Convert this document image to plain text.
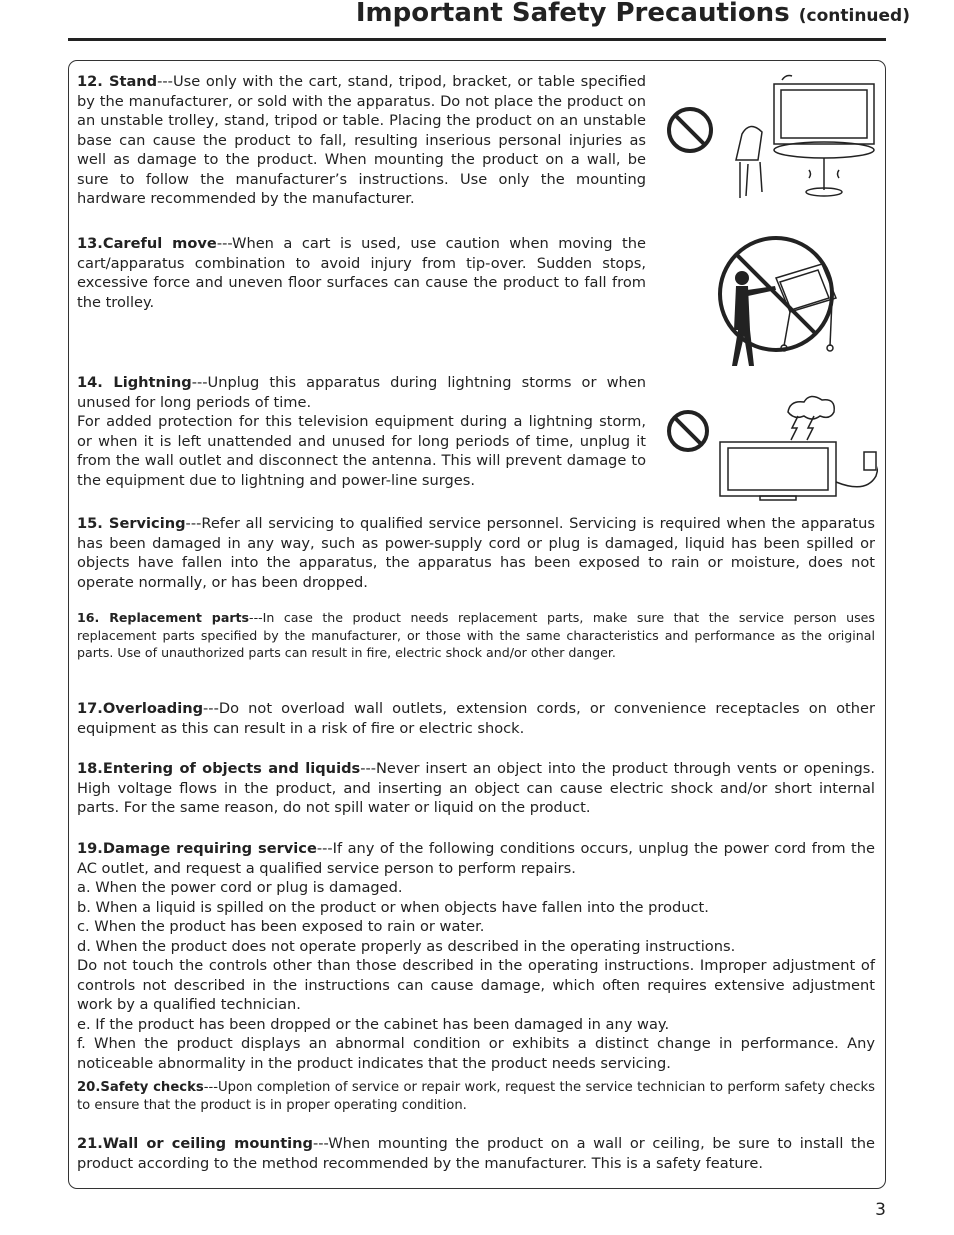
Important Safety Precautions (continued)

12. Stand---Use only with the cart, stand, tripod, bracket, or table specified by the manufacturer, or sold with the apparatus. Do not place the product on an unstable trolley, stand, tripod or table. Placing the product on an unstable base can cause the product to fall, resulting inserious personal injuries as well as damage to the product. When mounting the product on a wall, be sure to follow the manufacturer’s instructions. Use only the mounting hardware recommended by the manufacturer.

13.Careful move---When a cart is used, use caution when moving the cart/apparatus combination to avoid injury from tip-over. Sudden stops, excessive force and uneven floor surfaces can cause the product to fall from the trolley.

14. Lightning---Unplug this apparatus during lightning storms or when unused for long periods of time.
For added protection for this television equipment during a lightning storm, or when it is left unattended and unused for long periods of time, unplug it from the wall outlet and disconnect the antenna. This will prevent damage to the equipment due to lightning and power-line surges.

15. Servicing---Refer all servicing to qualified service personnel. Servicing is required when the apparatus has been damaged in any way, such as power-supply cord or plug is damaged, liquid has been spilled or objects have fallen into the apparatus, the apparatus has been exposed to rain or moisture, does not operate normally, or has been dropped.

16. Replacement parts---In case the product needs replacement parts, make sure that the service person uses replacement parts specified by the manufacturer, or those with the same characteristics and performance as the original parts. Use of unauthorized parts can result in fire, electric shock and/or other danger.

17.Overloading---Do not overload wall outlets, extension cords, or convenience receptacles on other equipment as this can result in a risk of fire or electric shock.

18.Entering of objects and liquids---Never insert an object into the product through vents or openings. High voltage flows in the product, and inserting an object can cause electric shock and/or short internal parts. For the same reason, do not spill water or liquid on the product.

19.Damage requiring service---If any of the following conditions occurs, unplug the power cord from the AC outlet, and request a qualified service person to perform repairs.
a. When the power cord or plug is damaged.
b. When a liquid is spilled on the product or when objects have fallen into the product.
c. When the product has been exposed to rain or water.
d. When the product does not operate properly as described in the operating instructions.
Do not touch the controls other than those described in the operating instructions. Improper adjustment of controls not described in the instructions can cause damage, which often requires extensive adjustment work by a qualified technician.
e. If the product has been dropped or the cabinet has been damaged in any way.
f. When the product displays an abnormal condition or exhibits a distinct change in performance. Any noticeable abnormality in the product indicates that the product needs servicing.

20.Safety checks---Upon completion of service or repair work, request the service technician to perform safety checks to ensure that the product is in proper operating condition.

21.Wall or ceiling mounting---When mounting the product on a wall or ceiling, be sure to install the product according to the method recommended by the manufacturer. This is a safety feature.

3
